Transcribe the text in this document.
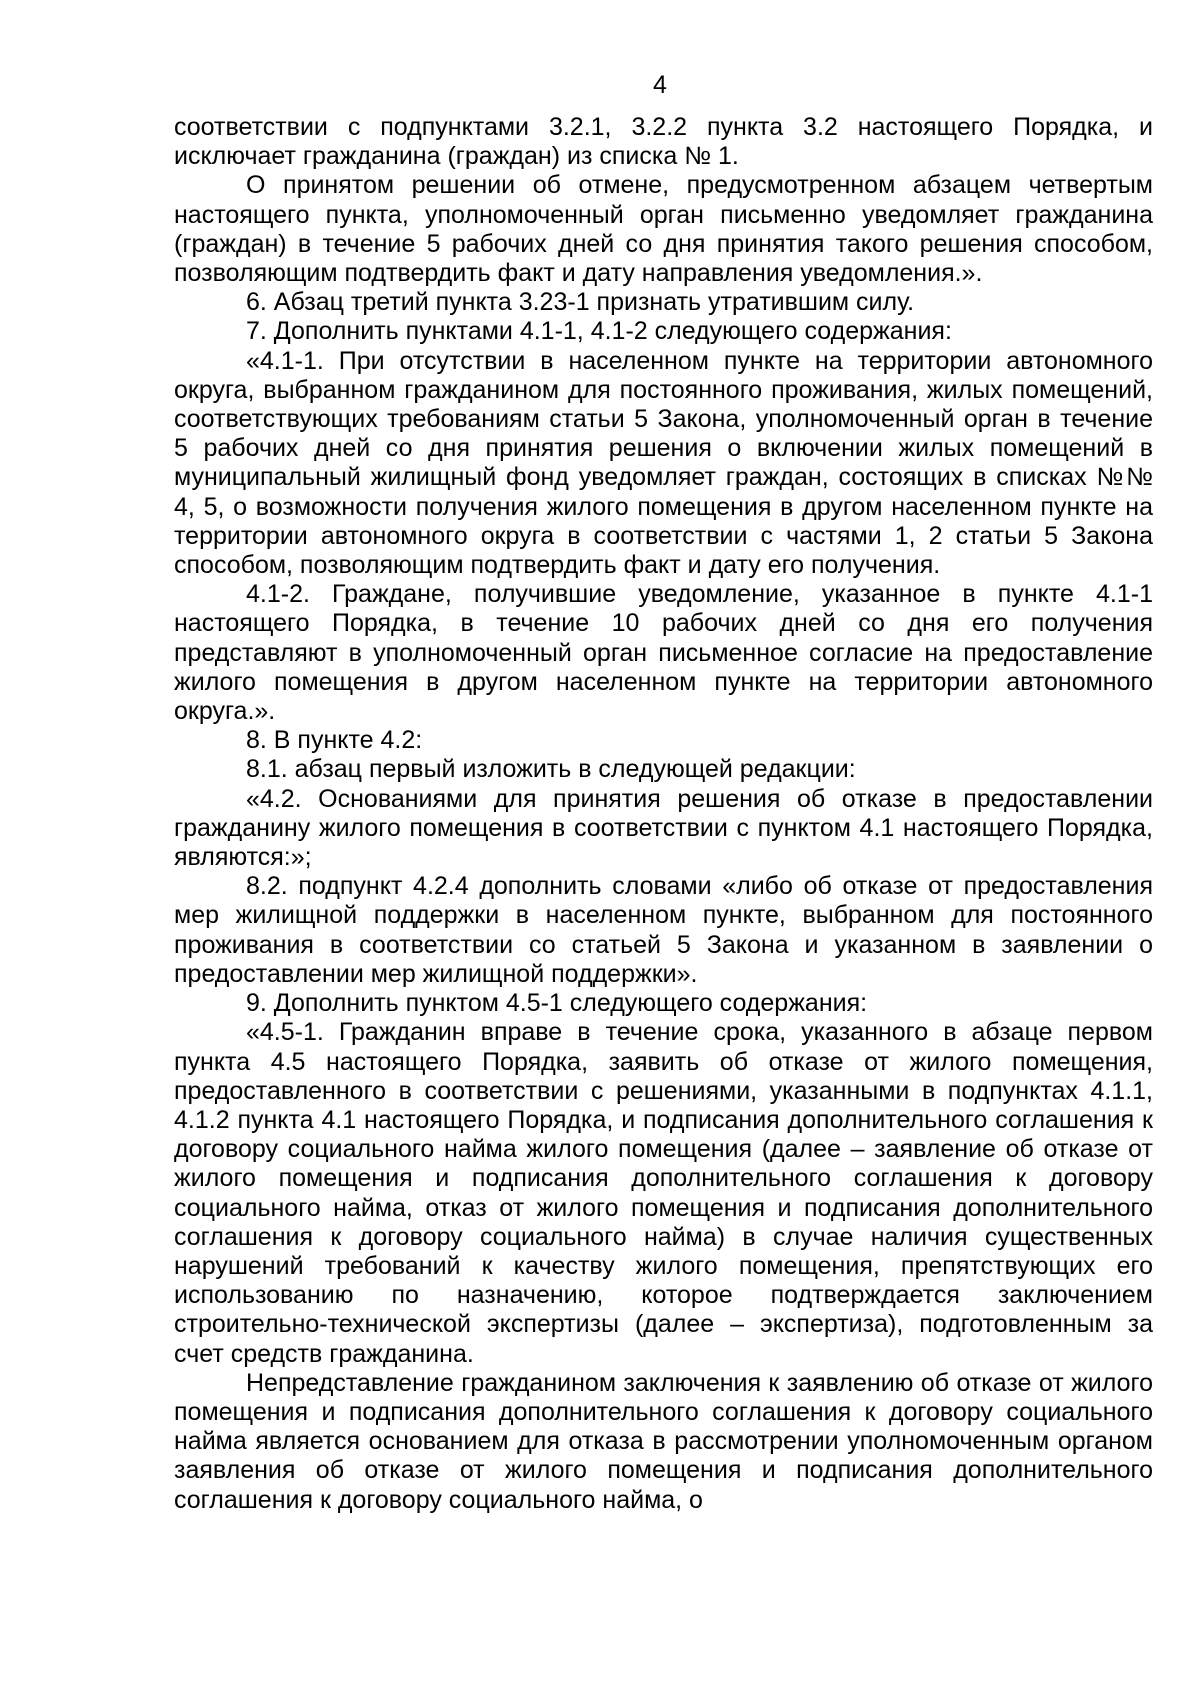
4

соответствии с подпунктами 3.2.1, 3.2.2 пункта 3.2 настоящего Порядка, и исключает гражданина (граждан) из списка № 1.

О принятом решении об отмене, предусмотренном абзацем четвертым настоящего пункта, уполномоченный орган письменно уведомляет гражданина (граждан) в течение 5 рабочих дней со дня принятия такого решения способом, позволяющим подтвердить факт и дату направления уведомления.».

6. Абзац третий пункта 3.23-1 признать утратившим силу.

7. Дополнить пунктами 4.1-1, 4.1-2 следующего содержания:

«4.1-1. При отсутствии в населенном пункте на территории автономного округа, выбранном гражданином для постоянного проживания, жилых помещений, соответствующих требованиям статьи 5 Закона, уполномоченный орган в течение 5 рабочих дней со дня принятия решения о включении жилых помещений в муниципальный жилищный фонд уведомляет граждан, состоящих в списках №№ 4, 5, о возможности получения жилого помещения в другом населенном пункте на территории автономного округа в соответствии с частями 1, 2 статьи 5 Закона способом, позволяющим подтвердить факт и дату его получения.

4.1-2. Граждане, получившие уведомление, указанное в пункте 4.1-1 настоящего Порядка, в течение 10 рабочих дней со дня его получения представляют в уполномоченный орган письменное согласие на предоставление жилого помещения в другом населенном пункте на территории автономного округа.».

8. В пункте 4.2:

8.1. абзац первый изложить в следующей редакции:

«4.2. Основаниями для принятия решения об отказе в предоставлении гражданину жилого помещения в соответствии с пунктом 4.1 настоящего Порядка, являются:»;

8.2. подпункт 4.2.4 дополнить словами «либо об отказе от предоставления мер жилищной поддержки в населенном пункте, выбранном для постоянного проживания в соответствии со статьей 5 Закона и указанном в заявлении о предоставлении мер жилищной поддержки».

9. Дополнить пунктом 4.5-1 следующего содержания:

«4.5-1. Гражданин вправе в течение срока, указанного в абзаце первом пункта 4.5 настоящего Порядка, заявить об отказе от жилого помещения, предоставленного в соответствии с решениями, указанными в подпунктах 4.1.1, 4.1.2 пункта 4.1 настоящего Порядка, и подписания дополнительного соглашения к договору социального найма жилого помещения (далее – заявление об отказе от жилого помещения и подписания дополнительного соглашения к договору социального найма, отказ от жилого помещения и подписания дополнительного соглашения к договору социального найма) в случае наличия существенных нарушений требований к качеству жилого помещения, препятствующих его использованию по назначению, которое подтверждается заключением строительно-технической экспертизы (далее – экспертиза), подготовленным за счет средств гражданина.

Непредставление гражданином заключения к заявлению об отказе от жилого помещения и подписания дополнительного соглашения к договору социального найма является основанием для отказа в рассмотрении уполномоченным органом заявления об отказе от жилого помещения и подписания дополнительного соглашения к договору социального найма, о
